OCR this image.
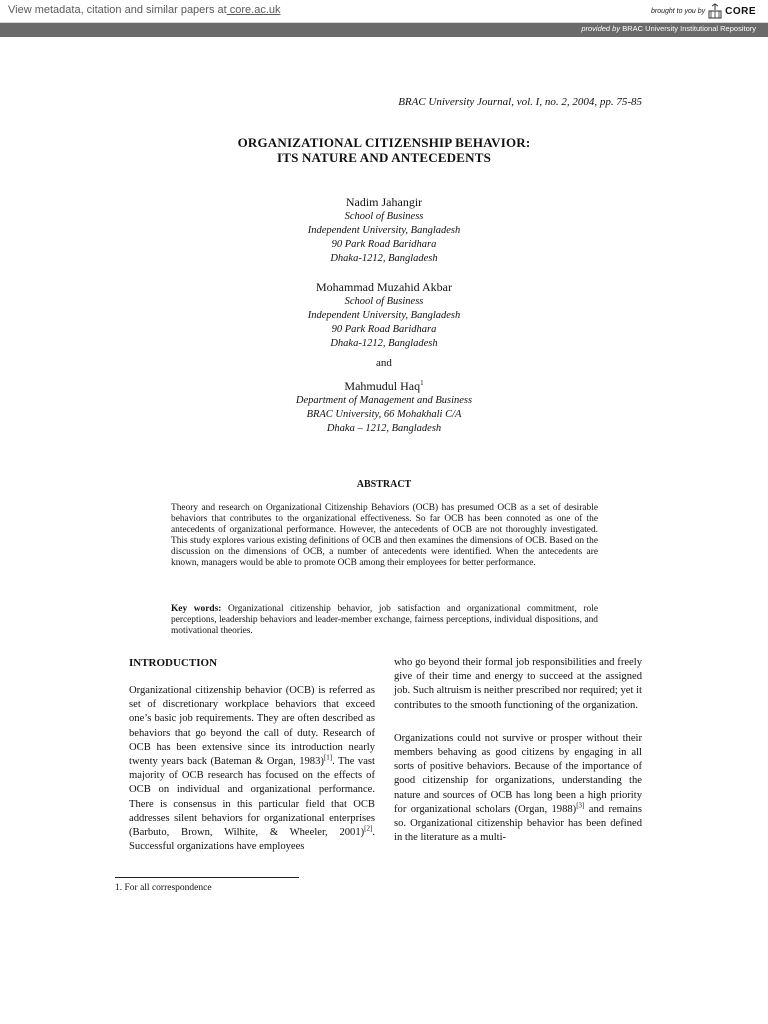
View metadata, citation and similar papers at core.ac.uk	brought to you by CORE
provided by BRAC University Institutional Repository
BRAC University Journal, vol. I, no. 2, 2004, pp. 75-85
ORGANIZATIONAL CITIZENSHIP BEHAVIOR:
ITS NATURE AND ANTECEDENTS
Nadim Jahangir
School of Business
Independent University, Bangladesh
90 Park Road Baridhara
Dhaka-1212, Bangladesh
Mohammad Muzahid Akbar
School of Business
Independent University, Bangladesh
90 Park Road Baridhara
Dhaka-1212, Bangladesh
and
Mahmudul Haq$^1$
Department of Management and Business
BRAC University, 66 Mohakhali C/A
Dhaka – 1212, Bangladesh
ABSTRACT
Theory and research on Organizational Citizenship Behaviors (OCB) has presumed OCB as a set of desirable behaviors that contributes to the organizational effectiveness. So far OCB has been connoted as one of the antecedents of organizational performance. However, the antecedents of OCB are not thoroughly investigated. This study explores various existing definitions of OCB and then examines the dimensions of OCB. Based on the discussion on the dimensions of OCB, a number of antecedents were identified. When the antecedents are known, managers would be able to promote OCB among their employees for better performance.
Key words: Organizational citizenship behavior, job satisfaction and organizational commitment, role perceptions, leadership behaviors and leader-member exchange, fairness perceptions, individual dispositions, and motivational theories.
INTRODUCTION

Organizational citizenship behavior (OCB) is referred as set of discretionary workplace behaviors that exceed one’s basic job requirements. They are often described as behaviors that go beyond the call of duty. Research of OCB has been extensive since its introduction nearly twenty years back (Bateman & Organ, 1983)[1]. The vast majority of OCB research has focused on the effects of OCB on individual and organizational performance. There is consensus in this particular field that OCB addresses silent behaviors for organizational enterprises (Barbuto, Brown, Wilhite, & Wheeler, 2001)[2]. Successful organizations have employees

who go beyond their formal job responsibilities and freely give of their time and energy to succeed at the assigned job. Such altruism is neither prescribed nor required; yet it contributes to the smooth functioning of the organization.

Organizations could not survive or prosper without their members behaving as good citizens by engaging in all sorts of positive behaviors. Because of the importance of good citizenship for organizations, understanding the nature and sources of OCB has long been a high priority for organizational scholars (Organ, 1988)[3] and remains so. Organizational citizenship behavior has been defined in the literature as a multi-

1. For all correspondence
